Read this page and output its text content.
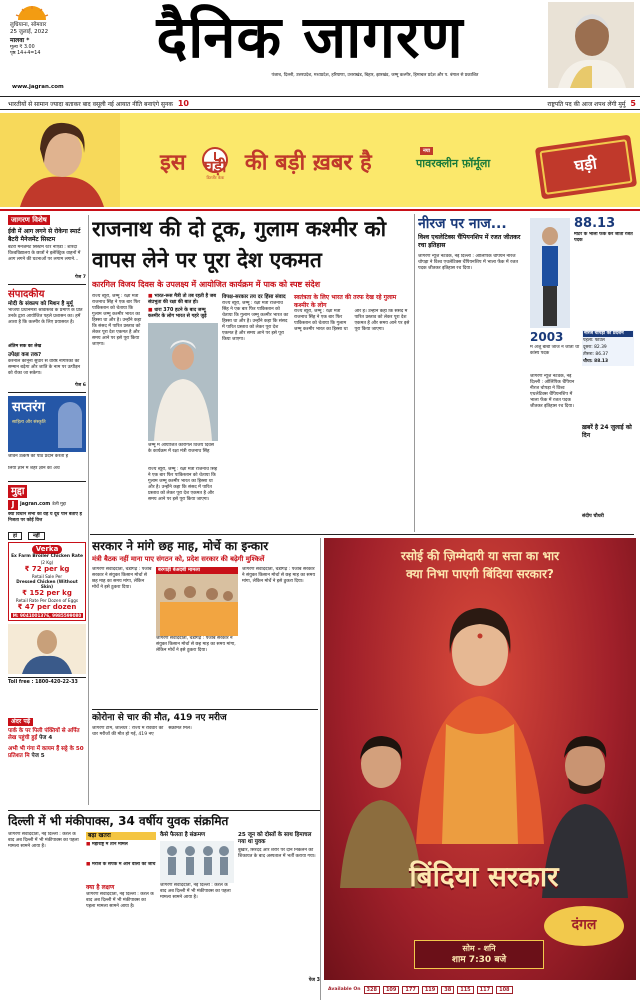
लुधियाना, सोमवार
25 जुलाई, 2022
मालवा *
मूल्य ₹ 3.00
पृष्ठ 14+4=14	दैनिक जागरण
पंजाब, दिल्ली, उत्तरप्रदेश, मध्यप्रदेश, हरियाणा, उत्तराखंड, बिहार, झारखंड, जम्मू कश्मीर, हिमाचल प्रदेश और प. बंगाल से प्रकाशित
www.jagran.com
भारतीयों से सामान ज्यादा बताकर बाद वसूली नई आयात नीति बनाएंगे सुनक 10	राष्ट्रपति पद की आज शपथ लेंगी मुर्मु 5
इस	घड़ी
डिटर्जेंट केक
की बड़ी ख़बर है	नया
पावरक्लीन फ़ॉर्मूला	घड़ी
जागरण विशेष
ईवी में आग लगने से रोकेगा स्मार्ट बैटरी मैनेजमेंट सिस्टम
बैटरी मैनेजमेंट सिस्टम रेटर नोएडा : शारदा विश्वविद्यालय के छात्रों ने इलेक्ट्रिक वाहनों में आग लगने की घटनाओं पर लगाम लगाने...
पेज 7
संपादकीय
मोदी के संकल्प को मिशन है मूर्मू
भाजपा प्रधानमंत्री श्रीवास्तव के प्रमाण के प्रति उनके द्वारा आयोजित पहले प्रशासन का। हमें आशा है कि कश्मीर के लिए प्रयासरत है।
अंतिम सक का लेख
उपेक्षा कब तक?
करनाल कानूनी सुधार से वरिष्ठ नागरिकों का सम्मान बढ़ेगा और जाति के नाम पर उत्पीड़न को रोका जा सकेगा।
पेज 6
सप्तरंग
साहित्य और संस्कृति
जीवन उत्कर्ष की पाठ प्रदान करता है
लिया ज्ञान में शहर ज्ञान का अर्थ
मुद्दा
J	jagran.com डेली मुद्दा
क्या विधान सभा को वह ये दूध पीने बताए है निजता पर कोई वित्त
हां	नहीं
Verka
Ex Farm Broiler Chicken Rate
(2 Kg)
₹ 72 per kg
Retail Sale Per
Dressed Chicken (Without Skin)
₹ 152 per kg
Retail Rate Per Dozen of Eggs
₹ 47 per dozen
M: 9041001376, 9985599080
Toll free : 1800-420-22-33
राजनाथ की दो टूक, गुलाम कश्मीर को वापस लेने पर पूरा देश एकमत
कारगिल विजय दिवस के उपलक्ष्य में आयोजित कार्यक्रम में पाक को स्पष्ट संदेश
राज्य ब्यूरो, जम्मू : रक्षा मंत्री राजनाथ सिंह ने एक बार फिर पाकिस्तान को चेताया कि गुलाम जम्मू कश्मीर भारत का हिस्सा था और है। उन्होंने कहा कि संसद में पारित प्रस्ताव को लेकर पूरा देश एकमत है और समय आने पर इसे पूरा किया जाएगा।
■ भारत-रूस मैत्री तो तब रहती है जब संप्रभुता की रक्षा की बात हो।
■ धारा 370 हटने के बाद जम्मू कश्मीर के लोग भारत से गहरे जुड़े
जम्मू में आयोजित कारगिल विजय दिवस के कार्यक्रम में रक्षा मंत्री राजनाथ सिंह
राज्य ब्यूरो, जम्मू : रक्षा मंत्री राजनाथ सिंह ने एक बार फिर पाकिस्तान को चेताया कि गुलाम जम्मू कश्मीर भारत का हिस्सा था और है। उन्होंने कहा कि संसद में पारित प्रस्ताव को लेकर पूरा देश एकमत है और समय आने पर इसे पूरा किया जाएगा।
विपक्ष-सरकार तय दर हिंसा संवाद
राज्य ब्यूरो, जम्मू : रक्षा मंत्री राजनाथ सिंह ने एक बार फिर पाकिस्तान को चेताया कि गुलाम जम्मू कश्मीर भारत का हिस्सा था और है। उन्होंने कहा कि संसद में पारित प्रस्ताव को लेकर पूरा देश एकमत है और समय आने पर इसे पूरा किया जाएगा।
स्वतंत्रता के लिए भारत की तरफ देख रहे गुलाम कश्मीर के लोग
राज्य ब्यूरो, जम्मू : रक्षा मंत्री राजनाथ सिंह ने एक बार फिर पाकिस्तान को चेताया कि गुलाम जम्मू कश्मीर भारत का हिस्सा था और है। उन्होंने कहा कि संसद में पारित प्रस्ताव को लेकर पूरा देश एकमत है और समय आने पर इसे पूरा किया जाएगा।
नीरज पर नाज...
विश्व एथलेटिक्स चैंपियनशिप में रजत जीतकर रचा इतिहास
88.13
मीटर के भाला फेंक कर जीता रजत पदक
जागरण न्यूज नेटवर्क, नई दिल्ली : ओलिंपिक चैंपियन नीरज चोपड़ा ने विश्व एथलेटिक्स चैंपियनशिप में भाला फेंक में रजत पदक जीतकर इतिहास रच दिया।
2003
में अंजू बॉबी जार्ज ने जीता था कांस्य पदक
नीरज चोपड़ा का प्रदर्शन
पहला: फाउल
दूसरा: 82.39
तीसरा: 86.37
चौथा: 88.13
ख़बरें है 24 जुलाई को दिन
जागरण न्यूज नेटवर्क, नई दिल्ली : ओलिंपिक चैंपियन नीरज चोपड़ा ने विश्व एथलेटिक्स चैंपियनशिप में भाला फेंक में रजत पदक जीतकर इतिहास रच दिया।
संदीप चौधरी
सरकार ने मांगे छह माह, मोर्चे का इन्कार
मंत्री बैठक नहीं माना पाए संगठन को, प्रदेश सरकार की बढ़ेगी मुश्किलें
जागरण संवाददाता, चंडीगढ़ : पंजाब सरकार ने संयुक्त किसान मोर्चा से छह माह का समय मांगा, लेकिन मोर्चे ने इसे ठुकरा दिया।
बरगाड़ी बेअदबी मामला
जागरण संवाददाता, चंडीगढ़ : पंजाब सरकार ने संयुक्त किसान मोर्चा से छह माह का समय मांगा, लेकिन मोर्चे ने इसे ठुकरा दिया।
जागरण संवाददाता, चंडीगढ़ : पंजाब सरकार ने संयुक्त किसान मोर्चा से छह माह का समय मांगा, लेकिन मोर्चे ने इसे ठुकरा दिया।
कोरोना से चार की मौत, 419 नए मरीज
जागरण टीम, जालंधर : राज्य में रविवार को चार मरीजों की मौत हो गई, 419 नए संक्रमित मिले।
अंदर पढ़ें
पार्क के पर पिली पंक्तियों से अर्पित लेख पहुंची हुईं पेज 4
अभी भी गंगा में कायम हैं सट्टे के 50 प्रतिशत मि पेज 5
दिल्ली में भी मंकीपाक्स, 34 वर्षीय युवक संक्रमित
जागरण संवाददाता, नई दिल्ली : केरल के बाद अब दिल्ली में भी मंकीपाक्स का पहला मामला सामने आया है।
बढ़ा खतरा
■ महाराष्ट्र में तीन मामले
■ मरीज के संपर्क में आने वालों की जांच
क्या है लक्षण
जागरण संवाददाता, नई दिल्ली : केरल के बाद अब दिल्ली में भी मंकीपाक्स का पहला मामला सामने आया है।
कैसे फैलता है संक्रमण
जागरण संवाददाता, नई दिल्ली : केरल के बाद अब दिल्ली में भी मंकीपाक्स का पहला मामला सामने आया है।
25 जून को दोस्तों के साथ हिमाचल गया था युवक
बुखार, सिरदर्द और शरीर पर दाने निकलने की शिकायत के बाद अस्पताल में भर्ती कराया गया।
पेज 3
रसोई की ज़िम्मेदारी या सत्ता का भार
क्या निभा पाएगी बिंदिया सरकार?
बिंदिया सरकार
दंगल
सोम - शनि
शाम 7:30 बजे
Available On	328	109	177	119	38	115	117	108
